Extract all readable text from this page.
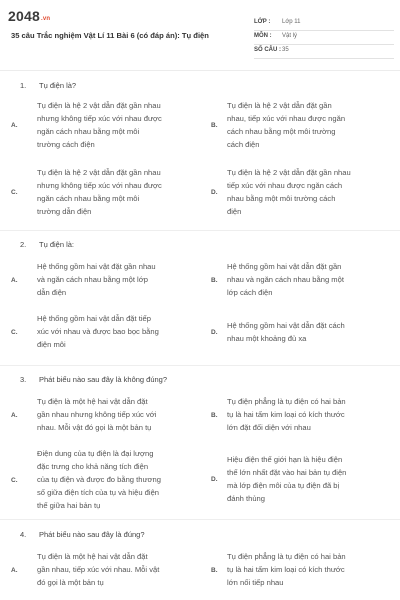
2048.vn
35 câu Trắc nghiệm Vật Lí 11 Bài 6 (có đáp án): Tụ điện
LỚP : Lớp 11
MÔN : Vật lý
SỐ CÂU : 35
1. Tụ điện là?
A.
Tụ điện là hệ 2 vật dẫn đặt gần nhau
nhưng không tiếp xúc với nhau được
ngăn cách nhau bằng một môi
trường cách điện
B.
Tụ điện là hệ 2 vật dẫn đặt gần
nhau, tiếp xúc với nhau được ngăn
cách nhau bằng một môi trường
cách điện
C.
Tụ điện là hệ 2 vật dẫn đặt gần nhau
nhưng không tiếp xúc với nhau được
ngăn cách nhau bằng một môi
trường dẫn điện
D.
Tụ điện là hệ 2 vật dẫn đặt gần nhau
tiếp xúc với nhau được ngăn cách
nhau bằng một môi trường cách
điện
2. Tụ điện là:
A.
Hệ thống gồm hai vật đặt gần nhau
và ngăn cách nhau bằng một lớp
dẫn điện
B.
Hệ thống gồm hai vật dẫn đặt gần
nhau và ngăn cách nhau bằng một
lớp cách điện
C.
Hệ thống gồm hai vật dẫn đặt tiếp
xúc với nhau và được bao bọc bằng
điện môi
D.
Hệ thống gồm hai vật dẫn đặt cách
nhau một khoảng đủ xa
3. Phát biểu nào sau đây là không đúng?
A.
Tụ điện là một hệ hai vật dẫn đặt
gần nhau nhưng không tiếp xúc với
nhau. Mỗi vật đó gọi là một bản tụ
B.
Tụ điện phẳng là tụ điện có hai bản
tụ là hai tấm kim loại có kích thước
lớn đặt đối diện với nhau
C.
Điện dung của tụ điện là đại lượng
đặc trưng cho khả năng tích điện
của tụ điện và được đo bằng thương
số giữa điện tích của tụ và hiệu điện
thế giữa hai bản tụ
D.
Hiệu điện thế giới hạn là hiệu điện
thế lớn nhất đặt vào hai bản tụ điện
mà lớp điện môi của tụ điện đã bị
đánh thủng
4. Phát biểu nào sau đây là đúng?
A.
Tụ điện là một hệ hai vật dẫn đặt
gần nhau, tiếp xúc với nhau. Mỗi vật
đó gọi là một bản tụ
B.
Tụ điện phẳng là tụ điện có hai bản
tụ là hai tấm kim loại có kích thước
lớn nối tiếp nhau
